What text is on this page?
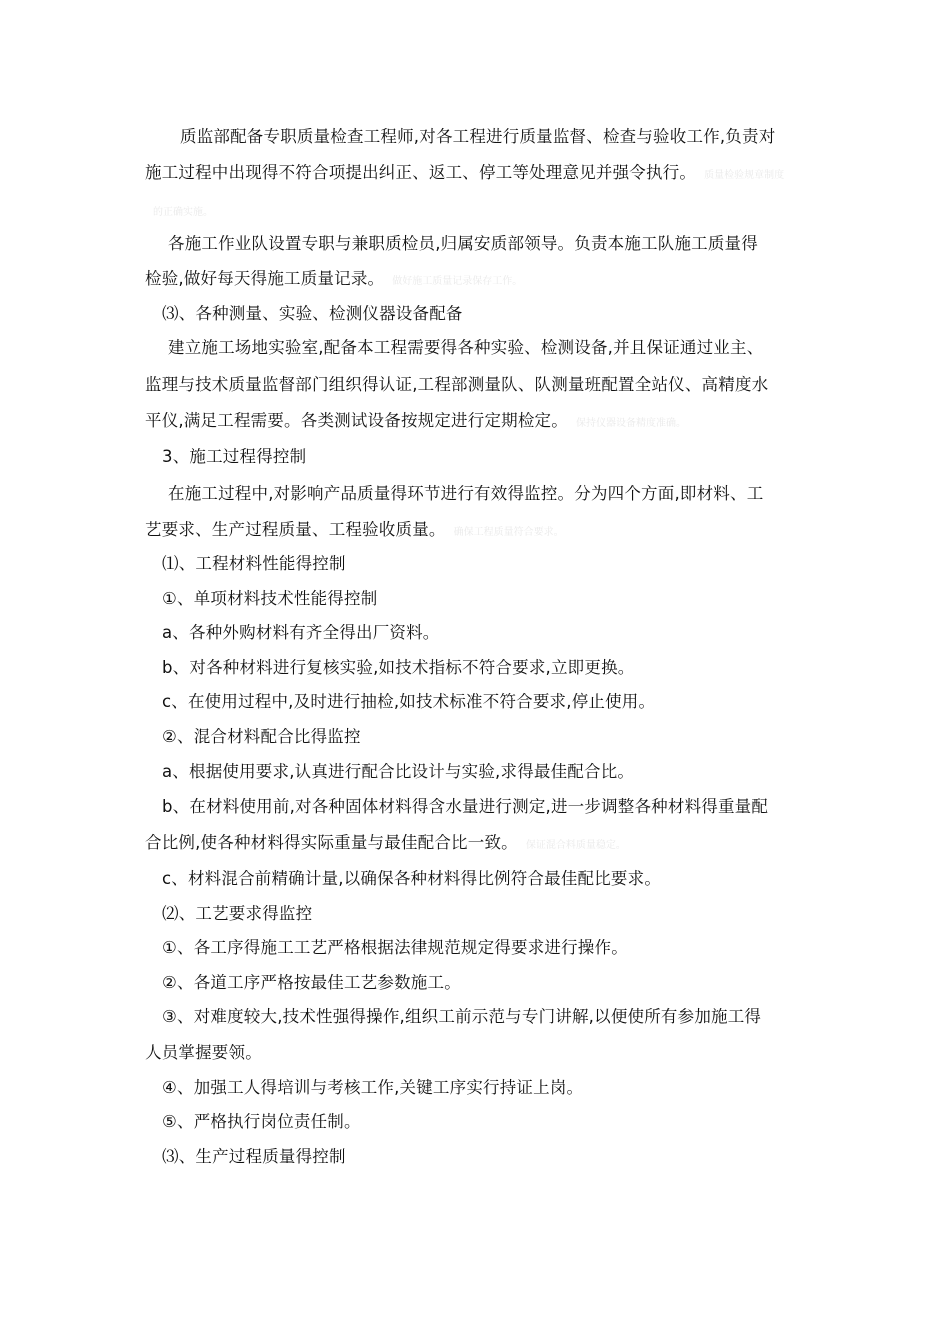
质监部配备专职质量检查工程师,对各工程进行质量监督、检查与验收工作,负责对
施工过程中出现得不符合项提出纠正、返工、停工等处理意见并强令执行。 质量检验规章制度
的正确实施。
各施工作业队设置专职与兼职质检员,归属安质部领导。负责本施工队施工质量得
检验,做好每天得施工质量记录。 做好施工质量记录保存工作。
⑶、各种测量、实验、检测仪器设备配备
建立施工场地实验室,配备本工程需要得各种实验、检测设备,并且保证通过业主、
监理与技术质量监督部门组织得认证,工程部测量队、队测量班配置全站仪、高精度水
平仪,满足工程需要。各类测试设备按规定进行定期检定。 保持仪器设备精度准确。
3、施工过程得控制
在施工过程中,对影响产品质量得环节进行有效得监控。分为四个方面,即材料、工
艺要求、生产过程质量、工程验收质量。 确保工程质量符合要求。
⑴、工程材料性能得控制
①、单项材料技术性能得控制
a、各种外购材料有齐全得出厂资料。
b、对各种材料进行复核实验,如技术指标不符合要求,立即更换。
c、在使用过程中,及时进行抽检,如技术标准不符合要求,停止使用。
②、混合材料配合比得监控
a、根据使用要求,认真进行配合比设计与实验,求得最佳配合比。
b、在材料使用前,对各种固体材料得含水量进行测定,进一步调整各种材料得重量配
合比例,使各种材料得实际重量与最佳配合比一致。 保证混合料质量稳定。
c、材料混合前精确计量,以确保各种材料得比例符合最佳配比要求。
⑵、工艺要求得监控
①、各工序得施工工艺严格根据法律规范规定得要求进行操作。
②、各道工序严格按最佳工艺参数施工。
③、对难度较大,技术性强得操作,组织工前示范与专门讲解,以便使所有参加施工得
人员掌握要领。
④、加强工人得培训与考核工作,关键工序实行持证上岗。
⑤、严格执行岗位责任制。
⑶、生产过程质量得控制
